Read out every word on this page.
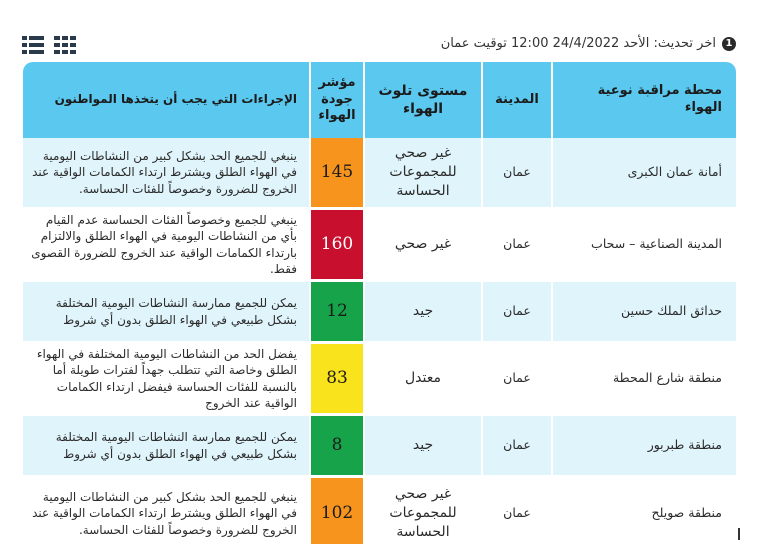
1
اخر تحديث: الأحد 24/4/2022 12:00 توقيت عمان
محطة مراقبة نوعية الهواء	المدينة	مستوى تلوث الهواء	مؤشر جودة الهواء	الإجراءات التي يجب أن يتخذها المواطنون
أمانة عمان الكبرى	عمان	غير صحي للمجموعات الحساسة	145	ينبغي للجميع الحد بشكل كبير من النشاطات اليومية في الهواء الطلق ويشترط ارتداء الكمامات الواقية عند الخروج للضرورة وخصوصاً للفئات الحساسة.
المدينة الصناعية – سحاب	عمان	غير صحي	160	ينبغي للجميع وخصوصاً الفئات الحساسة عدم القيام بأي من النشاطات اليومية في الهواء الطلق والالتزام بارتداء الكمامات الواقية عند الخروج للضرورة القصوى فقط.
حدائق الملك حسين	عمان	جيد	12	يمكن للجميع ممارسة النشاطات اليومية المختلفة بشكل طبيعي في الهواء الطلق بدون أي شروط
منطقة شارع المحطة	عمان	معتدل	83	يفضل الحد من النشاطات اليومية المختلفة في الهواء الطلق وخاصة التي تتطلب جهداً لفترات طويلة أما بالنسبة للفئات الحساسة فيفضل ارتداء الكمامات الواقية عند الخروج
منطقة طبربور	عمان	جيد	8	يمكن للجميع ممارسة النشاطات اليومية المختلفة بشكل طبيعي في الهواء الطلق بدون أي شروط
منطقة صويلح	عمان	غير صحي للمجموعات الحساسة	102	ينبغي للجميع الحد بشكل كبير من النشاطات اليومية في الهواء الطلق ويشترط ارتداء الكمامات الواقية عند الخروج للضرورة وخصوصاً للفئات الحساسة.
